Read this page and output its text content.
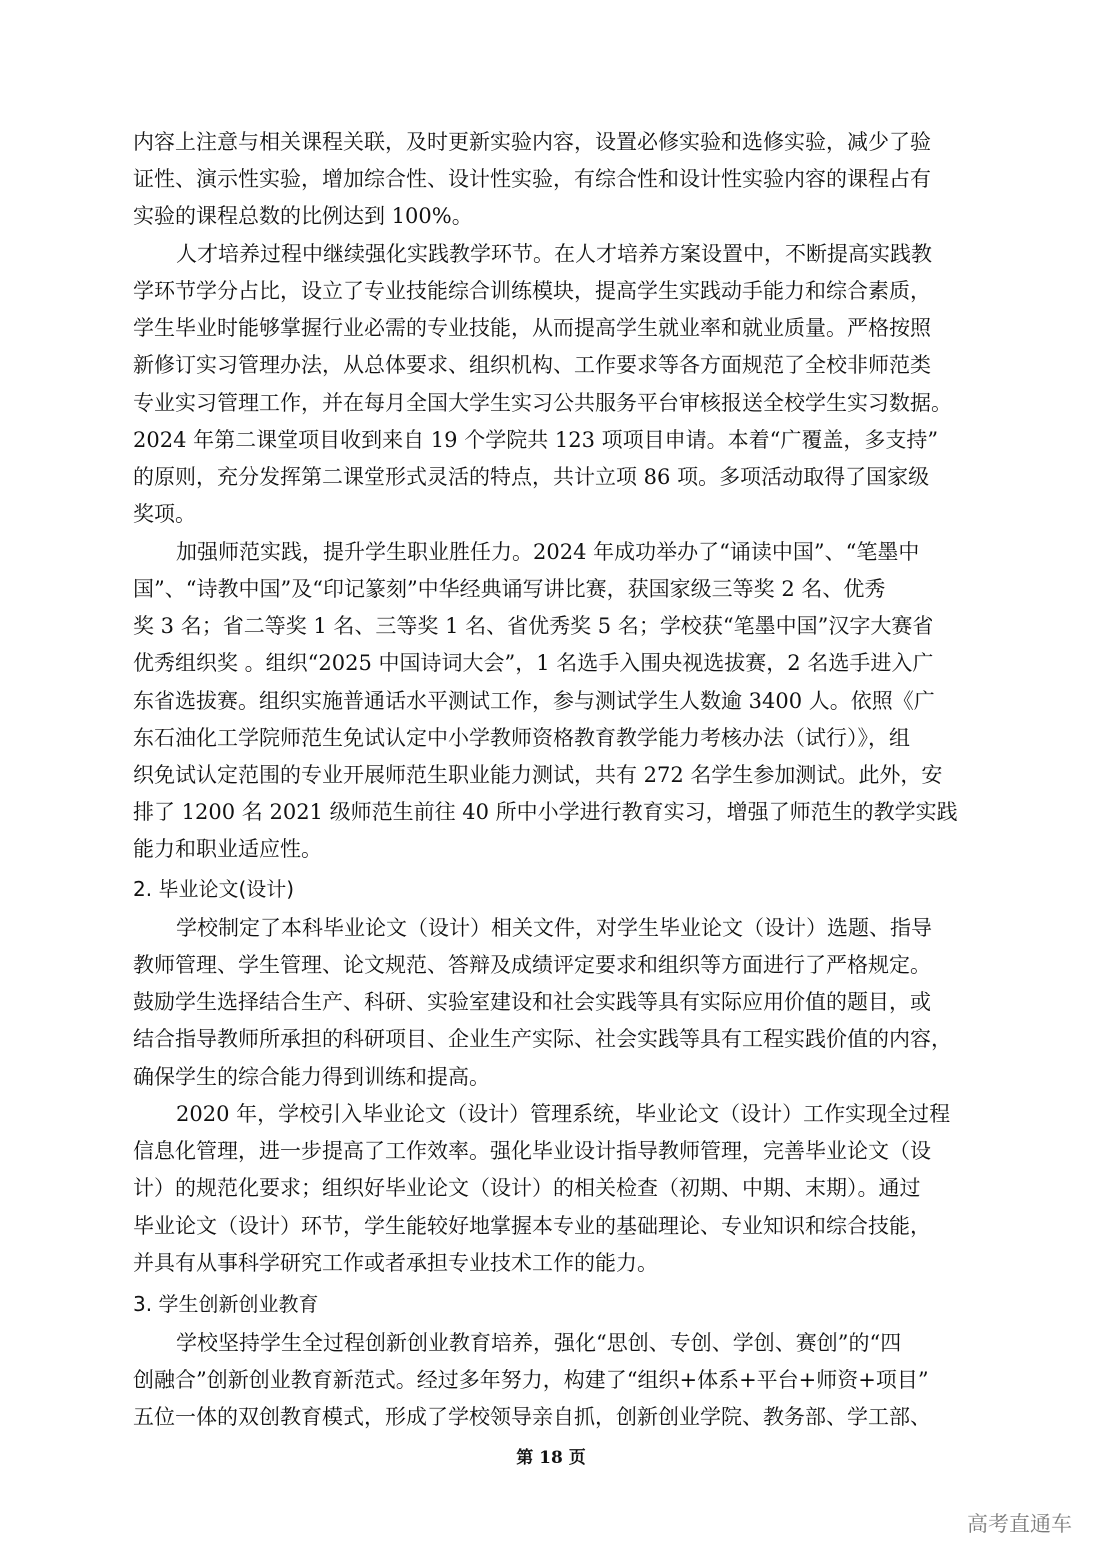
内容上注意与相关课程关联，及时更新实验内容，设置必修实验和选修实验，减少了验
证性、演示性实验，增加综合性、设计性实验，有综合性和设计性实验内容的课程占有
实验的课程总数的比例达到 100%。
人才培养过程中继续强化实践教学环节。在人才培养方案设置中，不断提高实践教
学环节学分占比，设立了专业技能综合训练模块，提高学生实践动手能力和综合素质，
学生毕业时能够掌握行业必需的专业技能，从而提高学生就业率和就业质量。严格按照
新修订实习管理办法，从总体要求、组织机构、工作要求等各方面规范了全校非师范类
专业实习管理工作，并在每月全国大学生实习公共服务平台审核报送全校学生实习数据。
2024 年第二课堂项目收到来自 19 个学院共 123 项项目申请。本着“广覆盖，多支持”
的原则，充分发挥第二课堂形式灵活的特点，共计立项 86 项。多项活动取得了国家级
奖项。
加强师范实践，提升学生职业胜任力。2024 年成功举办了“诵读中国”、“笔墨中
国”、“诗教中国”及“印记篆刻”中华经典诵写讲比赛，获国家级三等奖 2 名、优秀
奖 3 名；省二等奖 1 名、三等奖 1 名、省优秀奖 5 名；学校获“笔墨中国”汉字大赛省
优秀组织奖 。组织“2025 中国诗词大会”，1 名选手入围央视选拔赛，2 名选手进入广
东省选拔赛。组织实施普通话水平测试工作，参与测试学生人数逾 3400 人。依照《广
东石油化工学院师范生免试认定中小学教师资格教育教学能力考核办法（试行）》，组
织免试认定范围的专业开展师范生职业能力测试，共有 272 名学生参加测试。此外，安
排了 1200 名 2021 级师范生前往 40 所中小学进行教育实习，增强了师范生的教学实践
能力和职业适应性。
2. 毕业论文(设计)
学校制定了本科毕业论文（设计）相关文件，对学生毕业论文（设计）选题、指导
教师管理、学生管理、论文规范、答辩及成绩评定要求和组织等方面进行了严格规定。
鼓励学生选择结合生产、科研、实验室建设和社会实践等具有实际应用价值的题目，或
结合指导教师所承担的科研项目、企业生产实际、社会实践等具有工程实践价值的内容，
确保学生的综合能力得到训练和提高。
2020 年，学校引入毕业论文（设计）管理系统，毕业论文（设计）工作实现全过程
信息化管理，进一步提高了工作效率。强化毕业设计指导教师管理，完善毕业论文（设
计）的规范化要求；组织好毕业论文（设计）的相关检查（初期、中期、末期）。通过
毕业论文（设计）环节，学生能较好地掌握本专业的基础理论、专业知识和综合技能，
并具有从事科学研究工作或者承担专业技术工作的能力。
3. 学生创新创业教育
学校坚持学生全过程创新创业教育培养，强化“思创、专创、学创、赛创”的“四
创融合”创新创业教育新范式。经过多年努力，构建了“组织+体系+平台+师资+项目”
五位一体的双创教育模式，形成了学校领导亲自抓，创新创业学院、教务部、学工部、
第 18 页
高考直通车
